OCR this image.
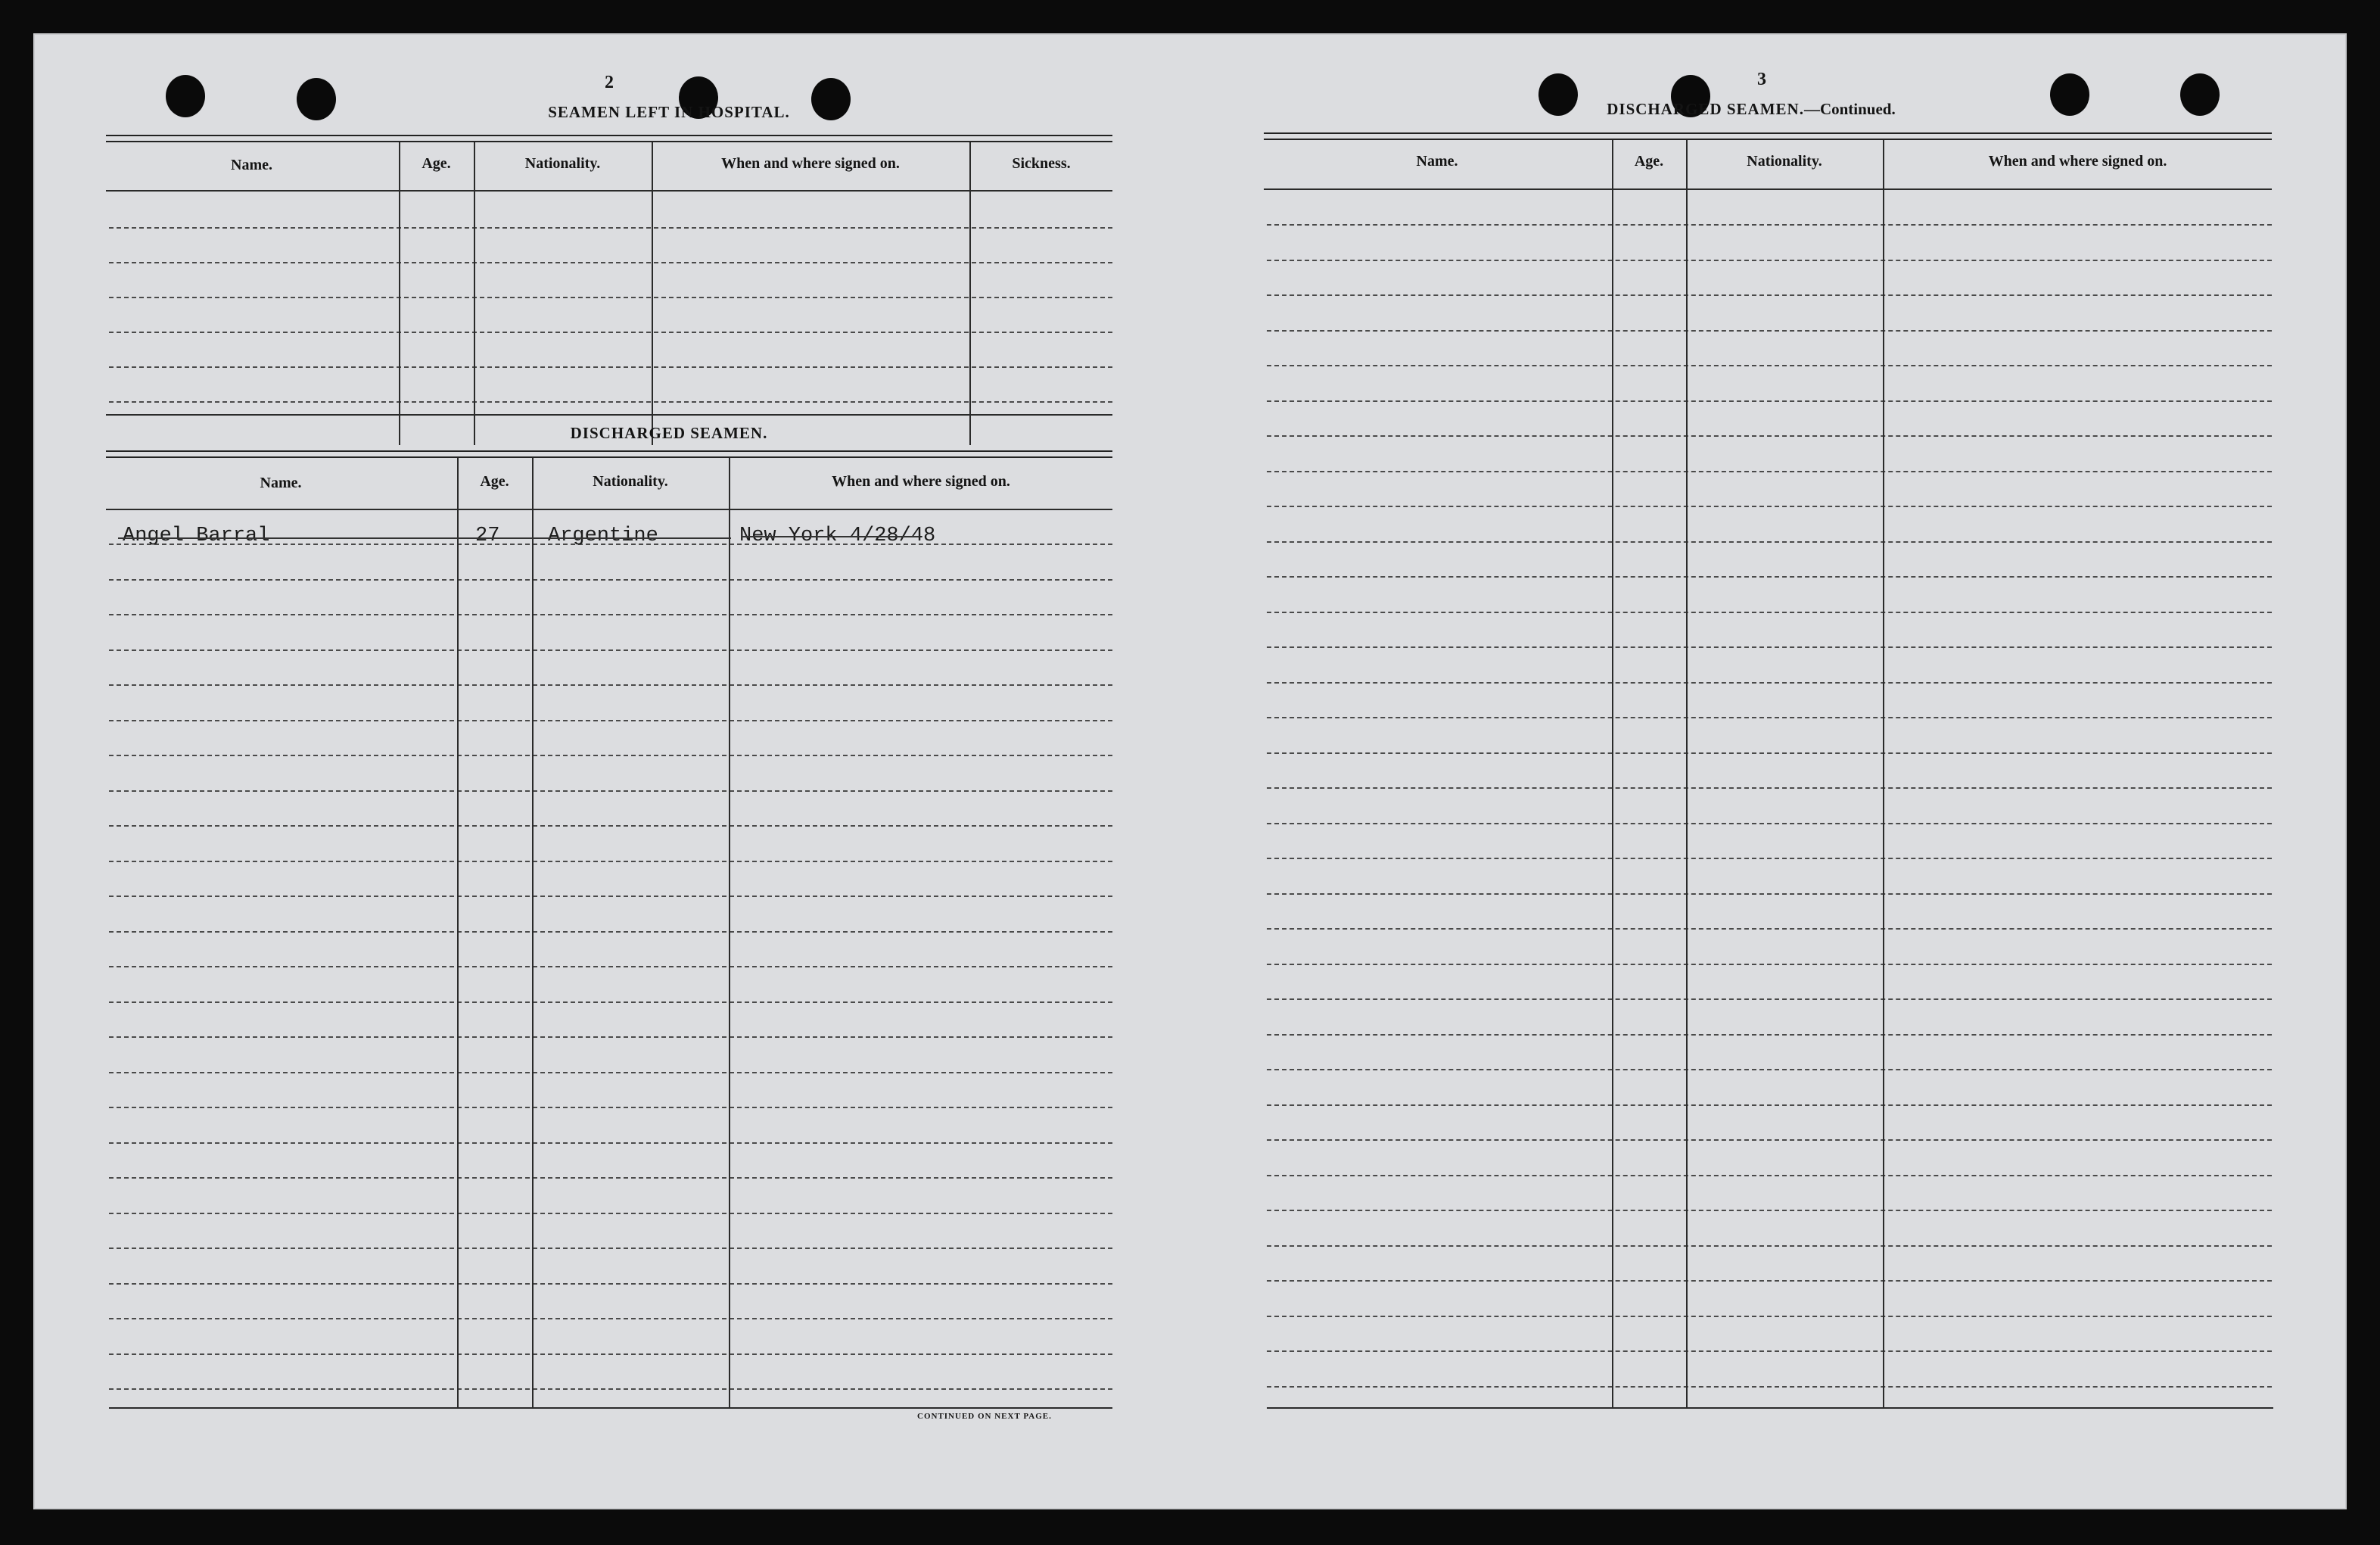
2
SEAMEN LEFT IN HOSPITAL.
Name.	Age.	Nationality.	When and where signed on.	Sickness.
DISCHARGED SEAMEN.
Name.	Age.	Nationality.	When and where signed on.
Angel Barral	27 Argentine	New York 4/28/48
CONTINUED ON NEXT PAGE.
3
DISCHARGED SEAMEN.—Continued.
Name.	Age.	Nationality.	When and where signed on.
